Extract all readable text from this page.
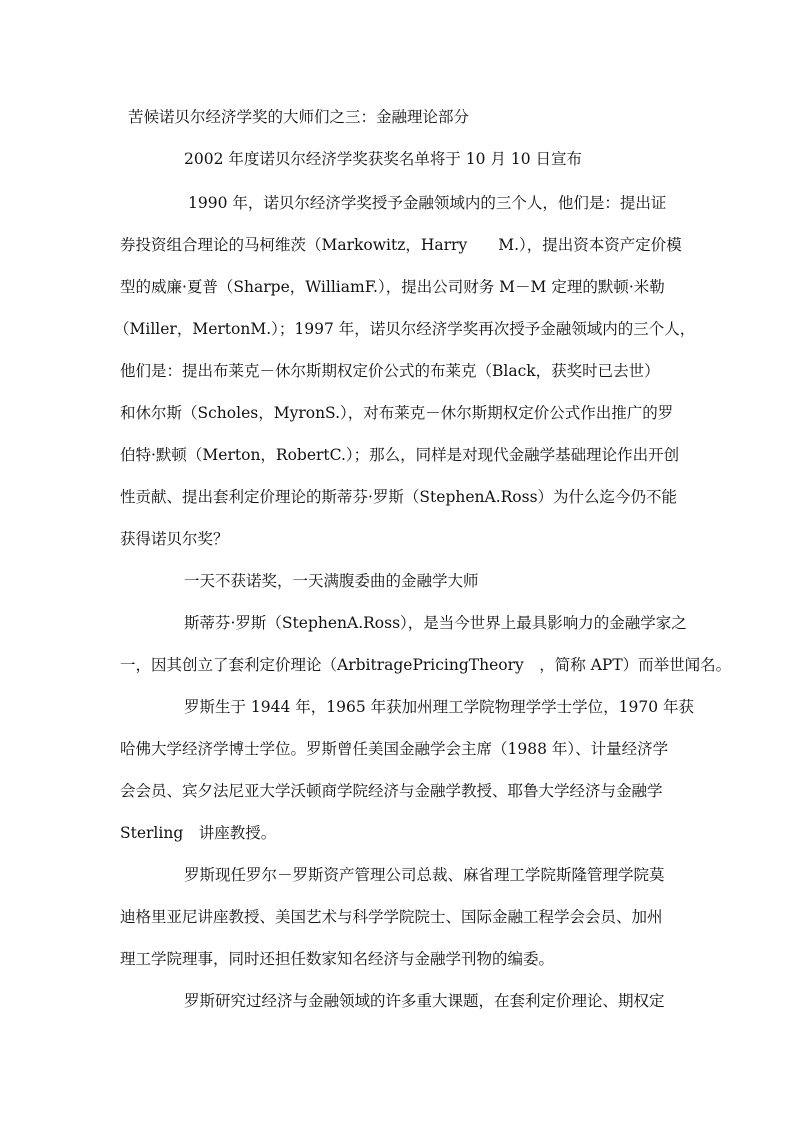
苦候诺贝尔经济学奖的大师们之三：金融理论部分
2002 年度诺贝尔经济学奖获奖名单将于 10 月 10 日宣布
1990 年，诺贝尔经济学奖授予金融领域内的三个人，他们是：提出证
券投资组合理论的马柯维茨（Markowitz，Harry　　M.），提出资本资产定价模
型的威廉·夏普（Sharpe，WilliamF.），提出公司财务 M－M 定理的默顿·米勒
（Miller，MertonM.）；1997 年，诺贝尔经济学奖再次授予金融领域内的三个人，
他们是：提出布莱克－休尔斯期权定价公式的布莱克（Black，获奖时已去世）
和休尔斯（Scholes，MyronS.），对布莱克－休尔斯期权定价公式作出推广的罗
伯特·默顿（Merton，RobertC.）；那么，同样是对现代金融学基础理论作出开创
性贡献、提出套利定价理论的斯蒂芬·罗斯（StephenA.Ross）为什么迄今仍不能
获得诺贝尔奖？
一天不获诺奖，一天满腹委曲的金融学大师
斯蒂芬·罗斯（StephenA.Ross），是当今世界上最具影响力的金融学家之
一，因其创立了套利定价理论（ArbitragePricingTheory　，简称 APT）而举世闻名。
罗斯生于 1944 年，1965 年获加州理工学院物理学学士学位，1970 年获
哈佛大学经济学博士学位。罗斯曾任美国金融学会主席（1988 年）、计量经济学
会会员、宾夕法尼亚大学沃顿商学院经济与金融学教授、耶鲁大学经济与金融学
Sterling　讲座教授。
罗斯现任罗尔－罗斯资产管理公司总裁、麻省理工学院斯隆管理学院莫
迪格里亚尼讲座教授、美国艺术与科学学院院士、国际金融工程学会会员、加州
理工学院理事，同时还担任数家知名经济与金融学刊物的编委。
罗斯研究过经济与金融领域的许多重大课题，在套利定价理论、期权定
